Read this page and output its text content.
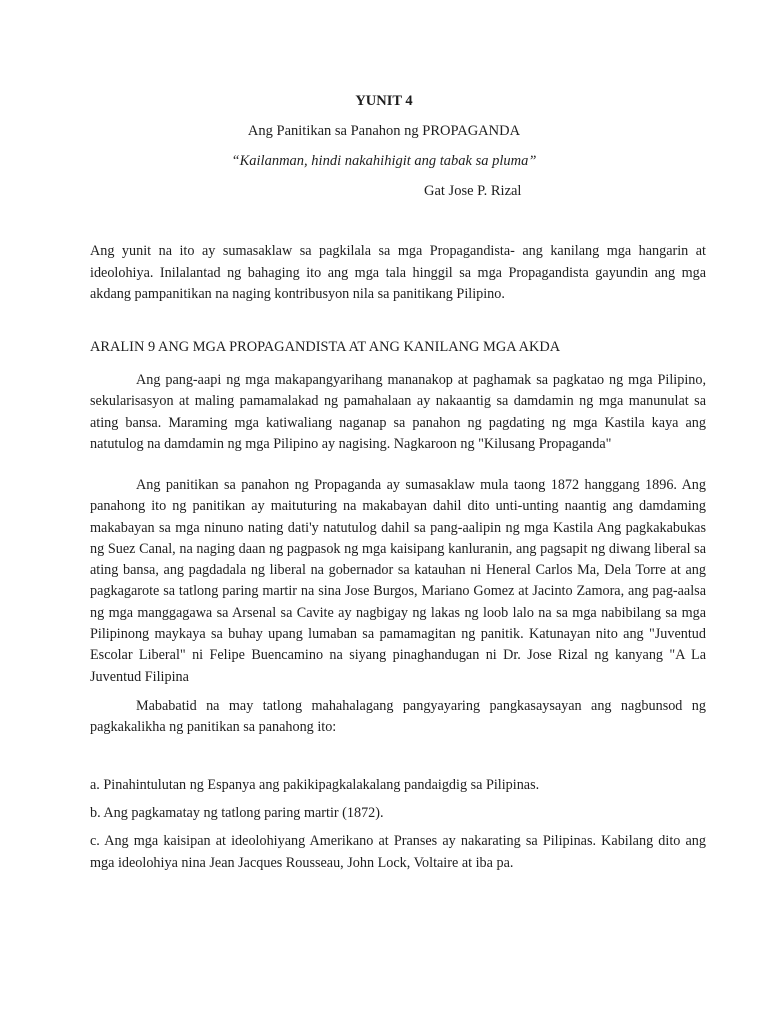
YUNIT 4
Ang Panitikan sa Panahon ng PROPAGANDA
“Kailanman, hindi nakahihigit ang tabak sa pluma”
Gat Jose P. Rizal

Ang yunit na ito ay sumasaklaw sa pagkilala sa mga Propagandista- ang kanilang mga hangarin at ideolohiya. Inilalantad ng bahaging ito ang mga tala hinggil sa mga Propagandista gayundin ang mga akdang pampanitikan na naging kontribusyon nila sa panitikang Pilipino.

ARALIN 9 ANG MGA PROPAGANDISTA AT ANG KANILANG MGA AKDA

Ang pang-aapi ng mga makapangyarihang mananakop at paghamak sa pagkatao ng mga Pilipino, sekularisasyon at maling pamamalakad ng pamahalaan ay nakaantig sa damdamin ng mga manunulat sa ating bansa. Maraming mga katiwaliang naganap sa panahon ng pagdating ng mga Kastila kaya ang natutulog na damdamin ng mga Pilipino ay nagising. Nagkaroon ng "Kilusang Propaganda"

Ang panitikan sa panahon ng Propaganda ay sumasaklaw mula taong 1872 hanggang 1896. Ang panahong ito ng panitikan ay maituturing na makabayan dahil dito unti-unting naantig ang damdaming makabayan sa mga ninuno nating dati'y natutulog dahil sa pang-aalipin ng mga Kastila Ang pagkakabukas ng Suez Canal, na naging daan ng pagpasok ng mga kaisipang kanluranin, ang pagsapit ng diwang liberal sa ating bansa, ang pagdadala ng liberal na gobernador sa katauhan ni Heneral Carlos Ma, Dela Torre at ang pagkagarote sa tatlong paring martir na sina Jose Burgos, Mariano Gomez at Jacinto Zamora, ang pag-aalsa ng mga manggagawa sa Arsenal sa Cavite ay nagbigay ng lakas ng loob lalo na sa mga nabibilang sa mga Pilipinong maykaya sa buhay upang lumaban sa pamamagitan ng panitik. Katunayan nito ang "Juventud Escolar Liberal" ni Felipe Buencamino na siyang pinaghandugan ni Dr. Jose Rizal ng kanyang "A La Juventud Filipina

Mababatid na may tatlong mahahalagang pangyayaring pangkasaysayan ang nagbunsod ng pagkakalikha ng panitikan sa panahong ito:

a. Pinahintulutan ng Espanya ang pakikipagkalakalang pandaigdig sa Pilipinas.

b. Ang pagkamatay ng tatlong paring martir (1872).

c. Ang mga kaisipan at ideolohiyang Amerikano at Pranses ay nakarating sa Pilipinas. Kabilang dito ang mga ideolohiya nina Jean Jacques Rousseau, John Lock, Voltaire at iba pa.
